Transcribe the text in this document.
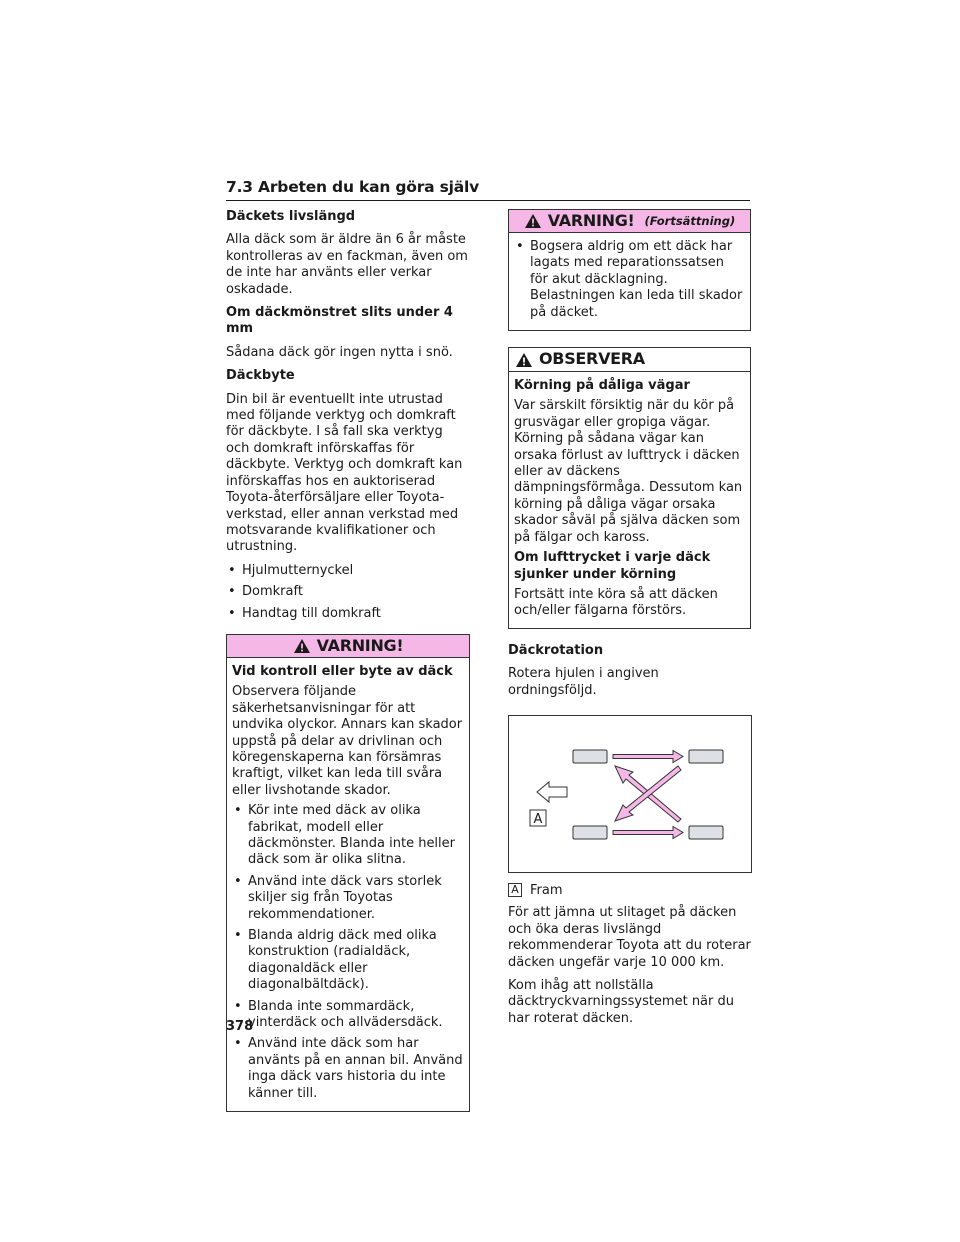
7.3 Arbeten du kan göra själv

Däckets livslängd

Alla däck som är äldre än 6 år måste kontrolleras av en fackman, även om de inte har använts eller verkar oskadade.

Om däckmönstret slits under 4 mm

Sådana däck gör ingen nytta i snö.

Däckbyte

Din bil är eventuellt inte utrustad med följande verktyg och domkraft för däckbyte. I så fall ska verktyg och domkraft införskaffas för däckbyte. Verktyg och domkraft kan införskaffas hos en auktoriserad Toyota-återförsäljare eller Toyota-verkstad, eller annan verkstad med motsvarande kvalifikationer och utrustning.

• Hjulmutternyckel
• Domkraft
• Handtag till domkraft
VARNING!

Vid kontroll eller byte av däck

Observera följande säkerhetsanvisningar för att undvika olyckor. Annars kan skador uppstå på delar av drivlinan och köregenskaperna kan försämras kraftigt, vilket kan leda till svåra eller livshotande skador.

• Kör inte med däck av olika fabrikat, modell eller däckmönster. Blanda inte heller däck som är olika slitna.
• Använd inte däck vars storlek skiljer sig från Toyotas rekommendationer.
• Blanda aldrig däck med olika konstruktion (radialdäck, diagonaldäck eller diagonalbältdäck).
• Blanda inte sommardäck, vinterdäck och allvädersdäck.
• Använd inte däck som har använts på en annan bil. Använd inga däck vars historia du inte känner till.
VARNING! (Fortsättning)
• Bogsera aldrig om ett däck har lagats med reparationssatsen för akut däcklagning. Belastningen kan leda till skador på däcket.
OBSERVERA

Körning på dåliga vägar

Var särskilt försiktig när du kör på grusvägar eller gropiga vägar. Körning på sådana vägar kan orsaka förlust av lufttryck i däcken eller av däckens dämpningsförmåga. Dessutom kan körning på dåliga vägar orsaka skador såväl på själva däcken som på fälgar och kaross.

Om lufttrycket i varje däck sjunker under körning

Fortsätt inte köra så att däcken och/eller fälgarna förstörs.

Däckrotation

Rotera hjulen i angiven ordningsföljd.

A

A Fram

För att jämna ut slitaget på däcken och öka deras livslängd rekommenderar Toyota att du roterar däcken ungefär varje 10 000 km.

Kom ihåg att nollställa däcktryckvarningssystemet när du har roterat däcken.

378
